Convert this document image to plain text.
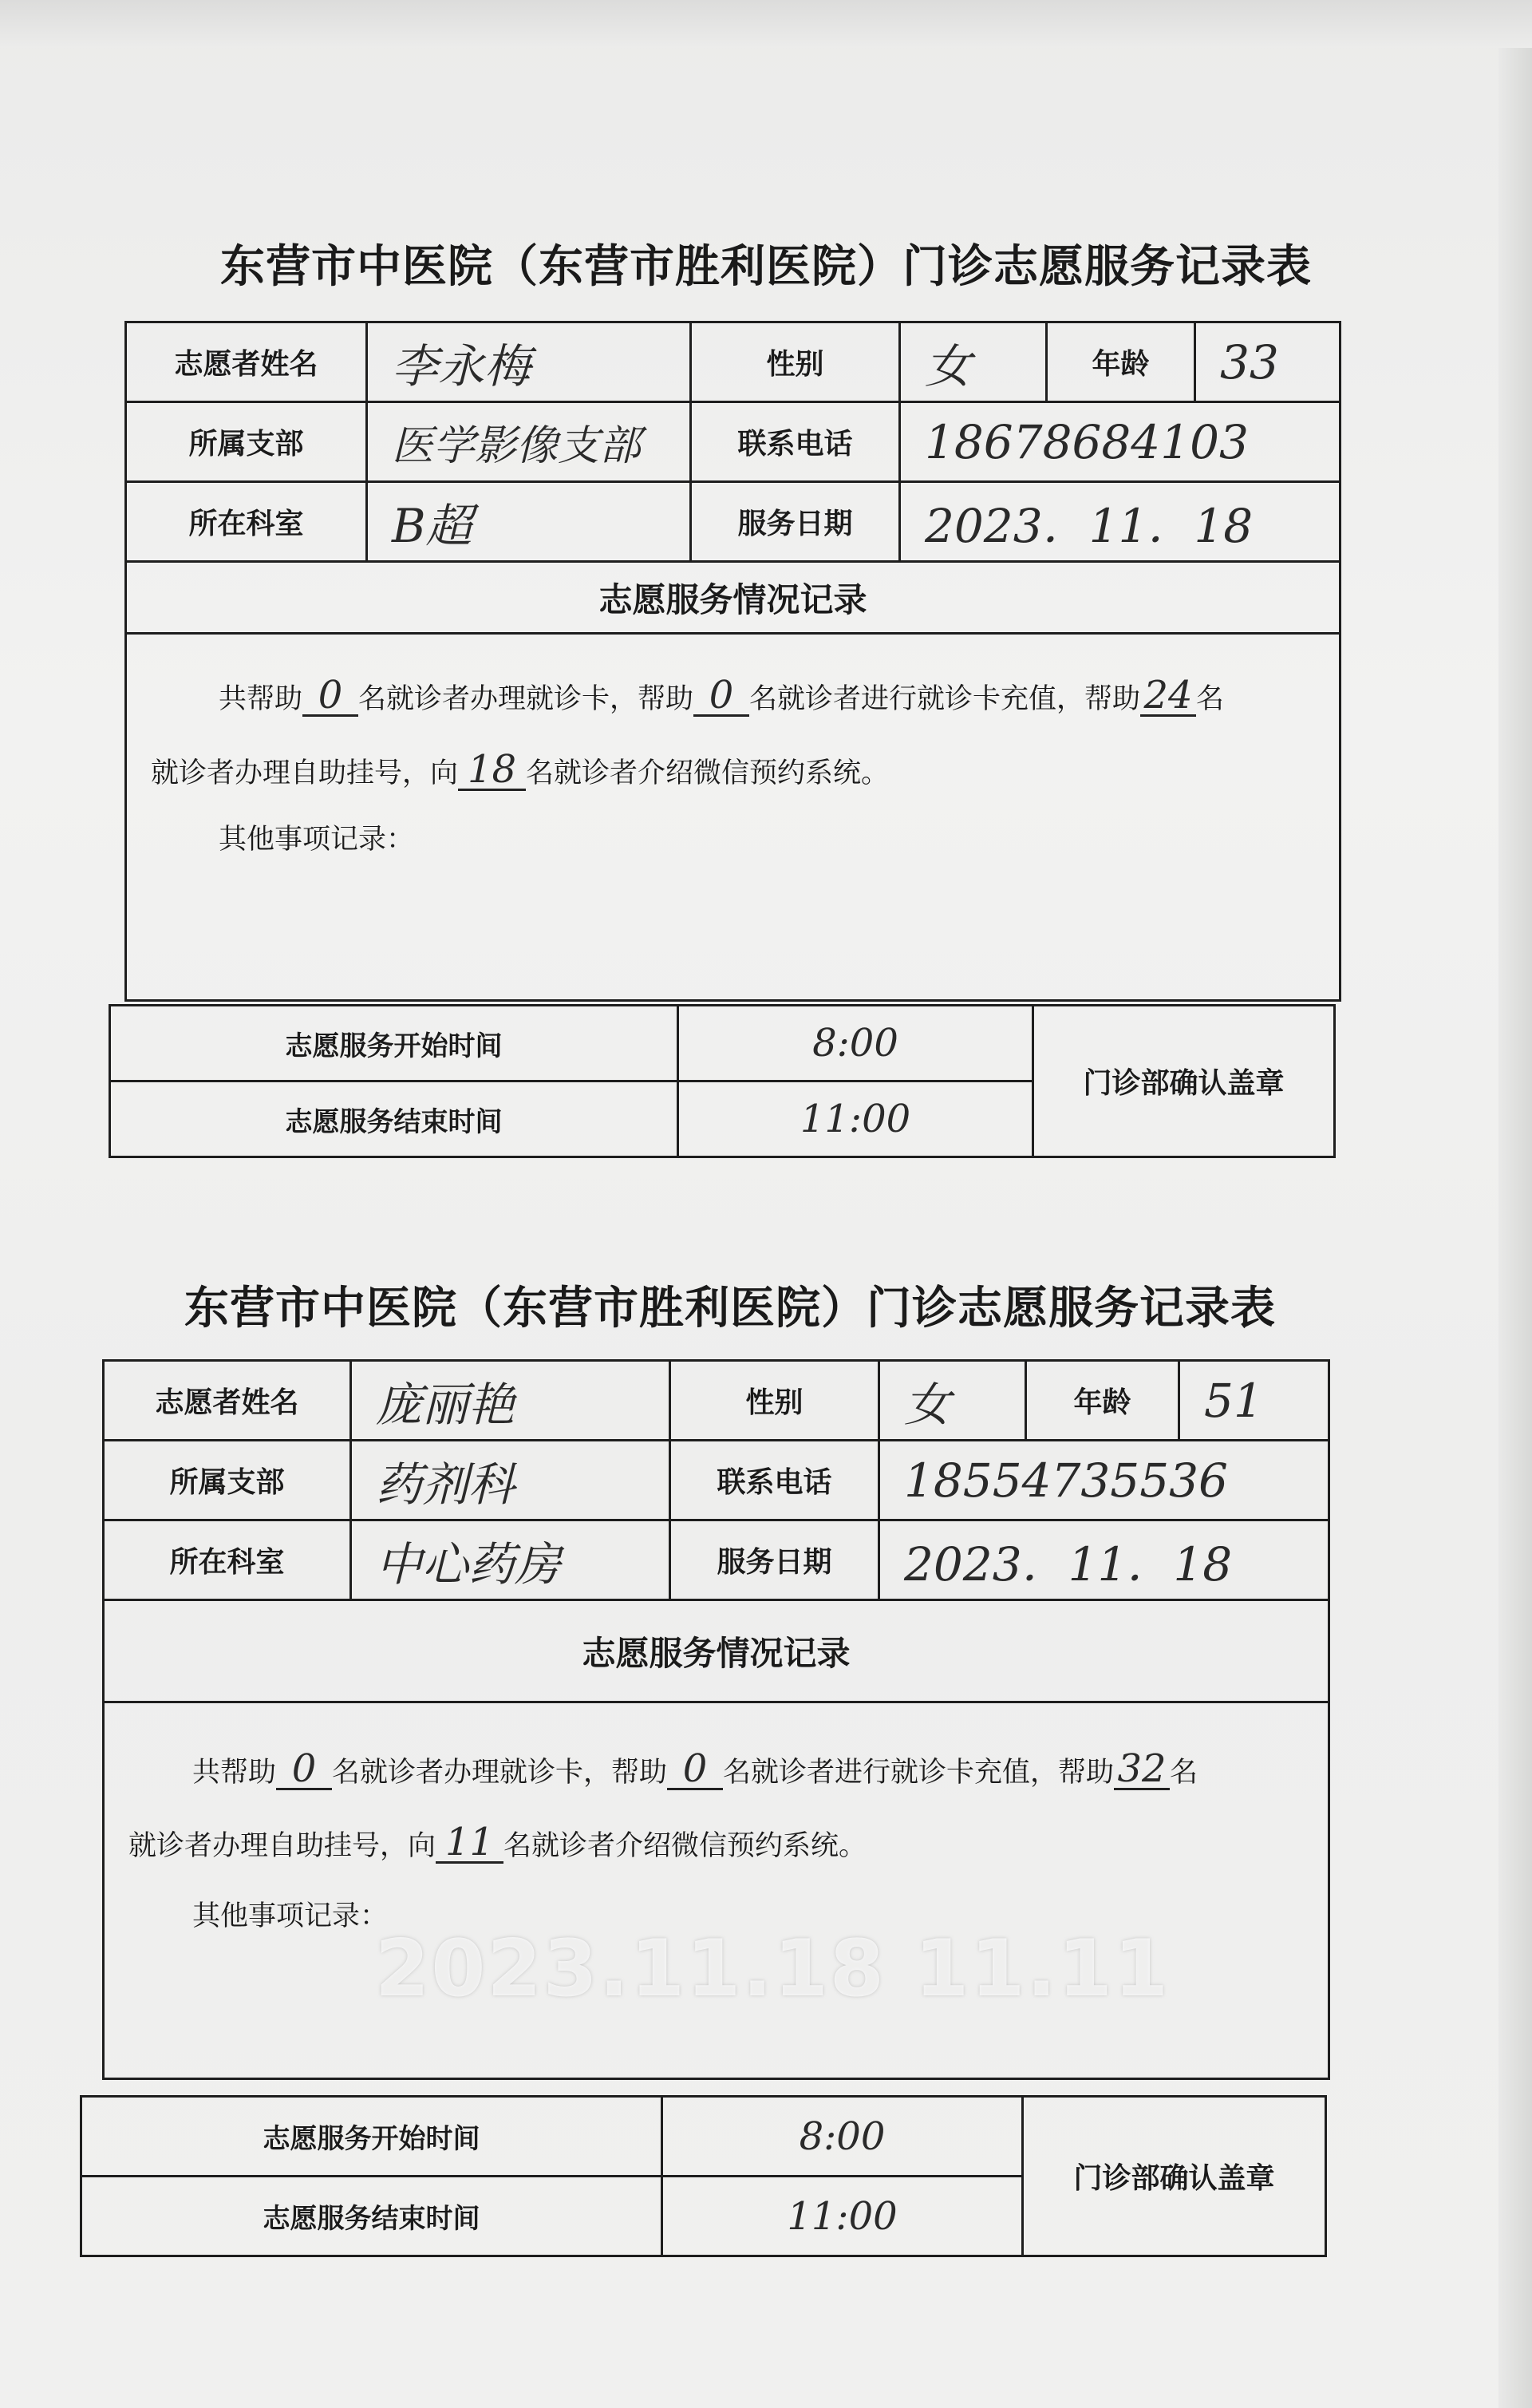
东营市中医院（东营市胜利医院）门诊志愿服务记录表
志愿者姓名	李永梅	性别	女	年龄	33
所属支部	医学影像支部	联系电话	18678684103		
所在科室	B超	服务日期	2023．11．18		
志愿服务情况记录					

共帮助 0 名就诊者办理就诊卡，帮助 0 名就诊者进行就诊卡充值，帮助24 名
就诊者办理自助挂号，向 18 名就诊者介绍微信预约系统。
其他事项记录：					
志愿服务开始时间	8:00	门诊部确认盖章
志愿服务结束时间	11:00	
东营市中医院（东营市胜利医院）门诊志愿服务记录表
志愿者姓名	庞丽艳	性别	女	年龄	51
所属支部	药剂科	联系电话	18554735536		
所在科室	中心药房	服务日期	2023．11．18		
志愿服务情况记录					

共帮助 0 名就诊者办理就诊卡，帮助 0 名就诊者进行就诊卡充值，帮助32 名
就诊者办理自助挂号，向 11 名就诊者介绍微信预约系统。
其他事项记录：					
志愿服务开始时间	8:00	门诊部确认盖章
志愿服务结束时间	11:00	
2023.11.18 11.11
